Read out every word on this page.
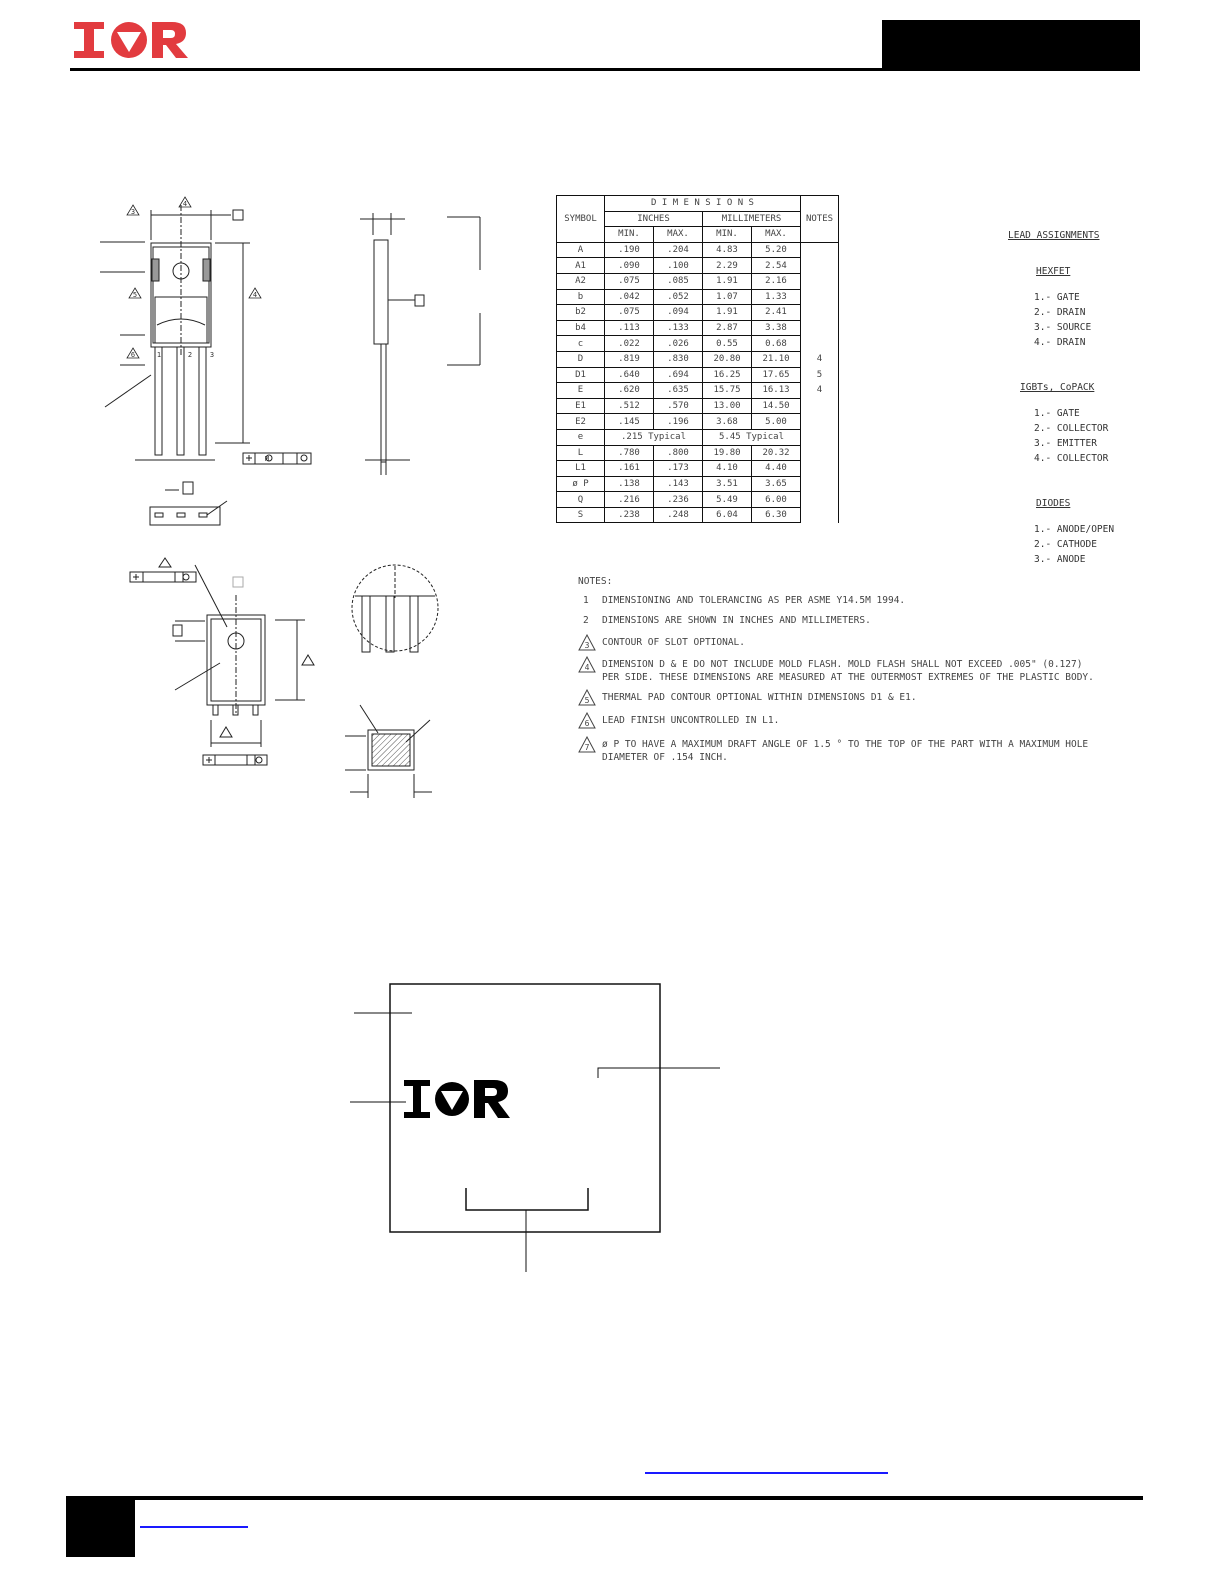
4
3
5	4
6	1	2	3
M
SYMBOL	D I M E N S I O N S				NOTES
	INCHES		MILLIMETERS		
	MIN.	MAX.	MIN.	MAX.	
A	.190	.204	4.83	5.20	
A1	.090	.100	2.29	2.54	
A2	.075	.085	1.91	2.16	
b	.042	.052	1.07	1.33	
b2	.075	.094	1.91	2.41	
b4	.113	.133	2.87	3.38	
c	.022	.026	0.55	0.68	
D	.819	.830	20.80	21.10	4
D1	.640	.694	16.25	17.65	5
E	.620	.635	15.75	16.13	4
E1	.512	.570	13.00	14.50	
E2	.145	.196	3.68	5.00	
e	.215 Typical		5.45 Typical		
L	.780	.800	19.80	20.32	
L1	.161	.173	4.10	4.40	
ø P	.138	.143	3.51	3.65	
Q	.216	.236	5.49	6.00	
S	.238	.248	6.04	6.30	
LEAD ASSIGNMENTS
HEXFET
1.- GATE
2.- DRAIN
3.- SOURCE
4.- DRAIN
IGBTs, CoPACK
1.- GATE
2.- COLLECTOR
3.- EMITTER
4.- COLLECTOR
DIODES
1.- ANODE/OPEN
2.- CATHODE
3.- ANODE
NOTES:
1	DIMENSIONING AND TOLERANCING AS PER ASME Y14.5M 1994.
2	DIMENSIONS ARE SHOWN IN INCHES AND MILLIMETERS.
3 CONTOUR OF SLOT OPTIONAL.
4 DIMENSION D & E DO NOT INCLUDE MOLD FLASH. MOLD FLASH SHALL NOT EXCEED .005" (0.127)
PER SIDE. THESE DIMENSIONS ARE MEASURED AT THE OUTERMOST EXTREMES OF THE PLASTIC BODY.
5 THERMAL PAD CONTOUR OPTIONAL WITHIN DIMENSIONS D1 & E1.
6 LEAD FINISH UNCONTROLLED IN L1.
7 ø P TO HAVE A MAXIMUM DRAFT ANGLE OF 1.5 ° TO THE TOP OF THE PART WITH A MAXIMUM HOLE
DIAMETER OF .154 INCH.
